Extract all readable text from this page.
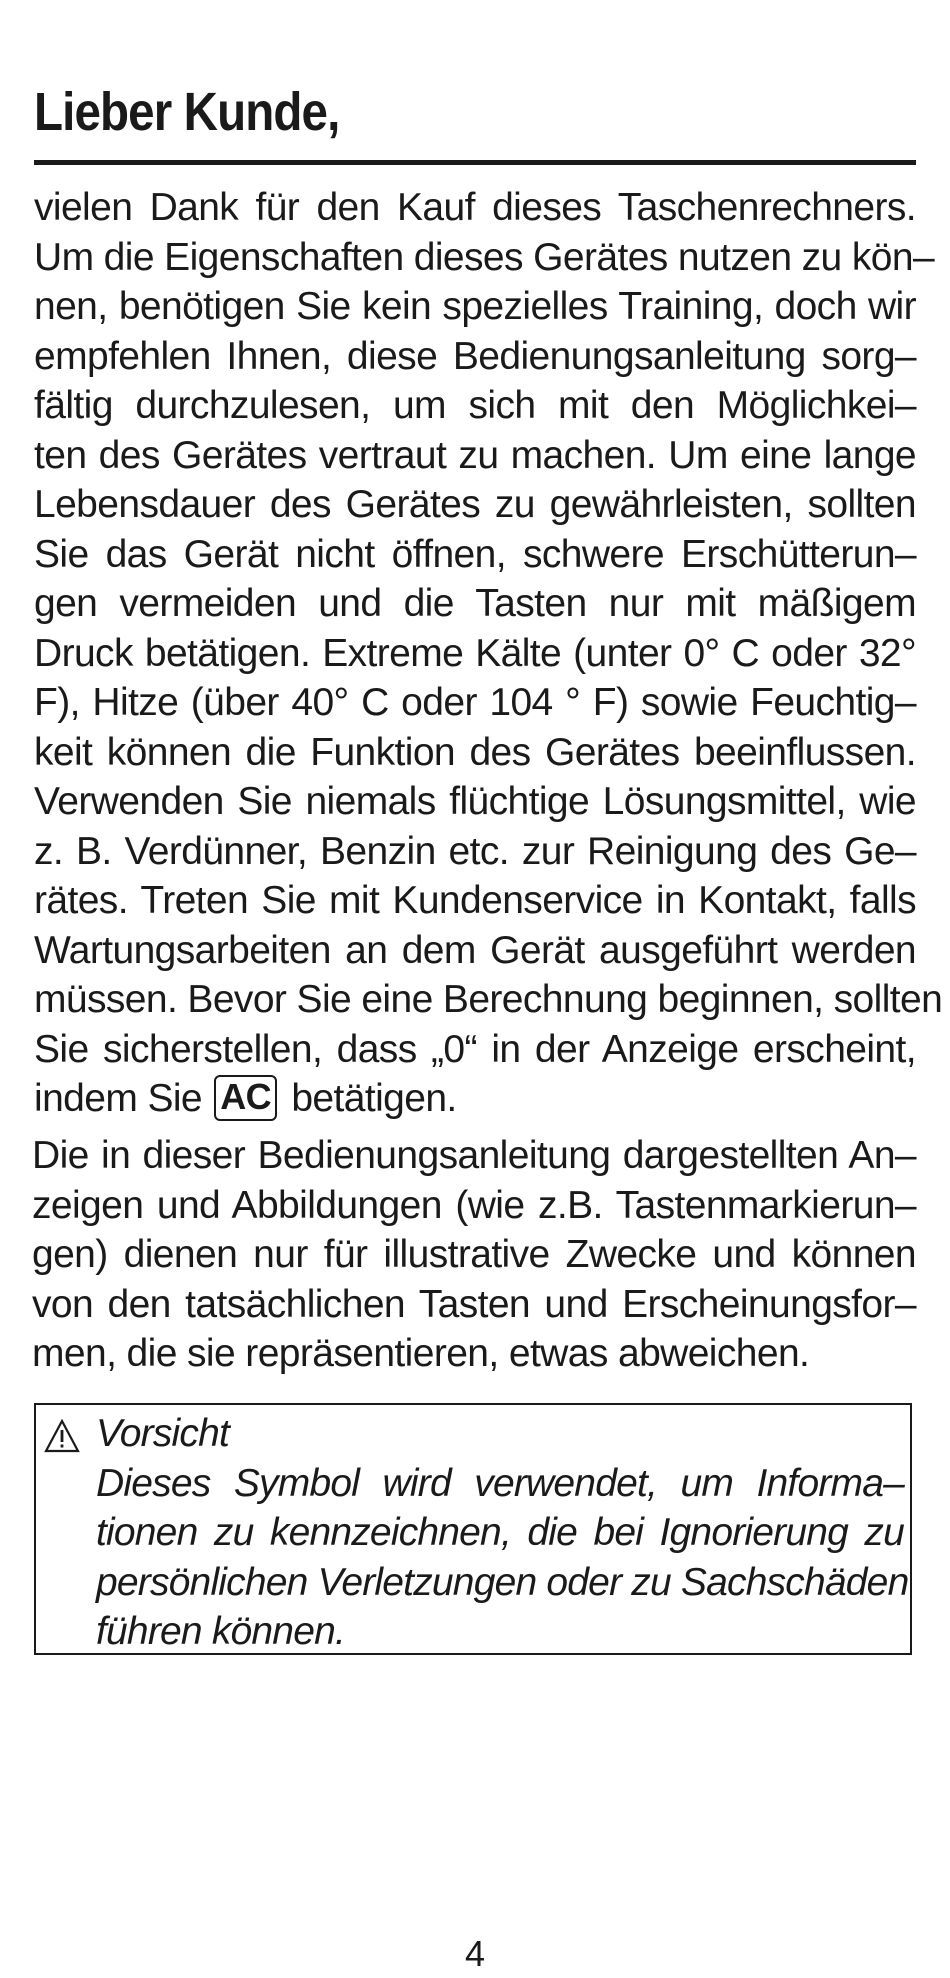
Lieber Kunde,
vielen Dank für den Kauf dieses Taschenrechners.
Um die Eigenschaften dieses Gerätes nutzen zu kön–
nen, benötigen Sie kein spezielles Training, doch wir
empfehlen Ihnen, diese Bedienungsanleitung sorg–
fältig durchzulesen, um sich mit den Möglichkei–
ten des Gerätes vertraut zu machen. Um eine lange
Lebensdauer des Gerätes zu gewährleisten, sollten
Sie das Gerät nicht öffnen, schwere Erschütterun–
gen vermeiden und die Tasten nur mit mäßigem
Druck betätigen. Extreme Kälte (unter 0° C oder 32°
F), Hitze (über 40° C oder 104 ° F) sowie Feuchtig–
keit können die Funktion des Gerätes beeinflussen.
Verwenden Sie niemals flüchtige Lösungsmittel, wie
z. B. Verdünner, Benzin etc. zur Reinigung des Ge–
rätes. Treten Sie mit Kundenservice in Kontakt, falls
Wartungsarbeiten an dem Gerät ausgeführt werden
müssen. Bevor Sie eine Berechnung beginnen, sollten
Sie sicherstellen, dass „0“ in der Anzeige erscheint,
indem Sie AC betätigen.
Die in dieser Bedienungsanleitung dargestellten An–
zeigen und Abbildungen (wie z.B. Tastenmarkierun–
gen) dienen nur für illustrative Zwecke und können
von den tatsächlichen Tasten und Erscheinungsfor–
men, die sie repräsentieren, etwas abweichen.
Vorsicht
Dieses Symbol wird verwendet, um Informa–
tionen zu kennzeichnen, die bei Ignorierung zu
persönlichen Verletzungen oder zu Sachschäden
führen können.
4
